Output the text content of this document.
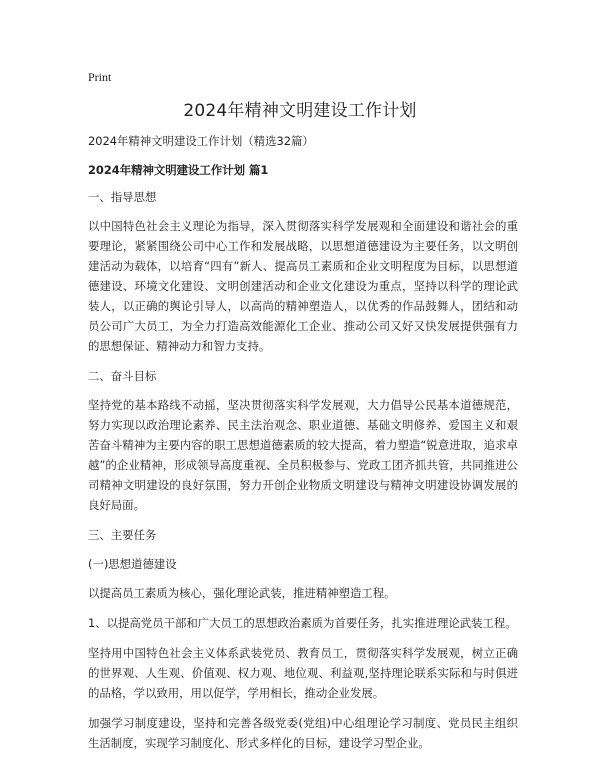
Print
2024年精神文明建设工作计划

2024年精神文明建设工作计划（精选32篇）

2024年精神文明建设工作计划 篇1

一、指导思想

以中国特色社会主义理论为指导，深入贯彻落实科学发展观和全面建设和谐社会的重要理论，紧紧围绕公司中心工作和发展战略，以思想道德建设为主要任务，以文明创建活动为载体，以培育“四有”新人、提高员工素质和企业文明程度为目标，以思想道德建设、环境文化建设、文明创建活动和企业文化建设为重点，坚持以科学的理论武装人，以正确的舆论引导人，以高尚的精神塑造人，以优秀的作品鼓舞人，团结和动员公司广大员工，为全力打造高效能源化工企业、推动公司又好又快发展提供强有力的思想保证、精神动力和智力支持。

二、奋斗目标

坚持党的基本路线不动摇，坚决贯彻落实科学发展观，大力倡导公民基本道德规范，努力实现以政治理论素养、民主法治观念、职业道德、基础文明修养、爱国主义和艰苦奋斗精神为主要内容的职工思想道德素质的较大提高，着力塑造“锐意进取，追求卓越”的企业精神，形成领导高度重视、全员积极参与、党政工团齐抓共管，共同推进公司精神文明建设的良好氛围，努力开创企业物质文明建设与精神文明建设协调发展的良好局面。

三、主要任务

(一)思想道德建设

以提高员工素质为核心，强化理论武装，推进精神塑造工程。

1、以提高党员干部和广大员工的思想政治素质为首要任务，扎实推进理论武装工程。

坚持用中国特色社会主义体系武装党员、教育员工，贯彻落实科学发展观，树立正确的世界观、人生观、价值观、权力观、地位观、利益观,坚持理论联系实际和与时俱进的品格，学以致用，用以促学，学用相长，推动企业发展。

加强学习制度建设，坚持和完善各级党委(党组)中心组理论学习制度、党员民主组织生活制度，实现学习制度化、形式多样化的目标，建设学习型企业。
